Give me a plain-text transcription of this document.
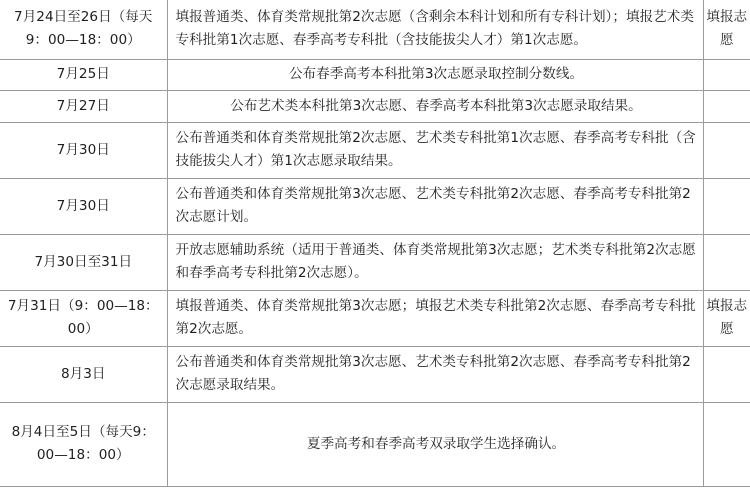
7月24日至26日（每天9：00—18：00）	填报普通类、体育类常规批第2次志愿（含剩余本科计划和所有专科计划）；填报艺术类专科批第1次志愿、春季高考专科批（含技能拔尖人才）第1次志愿。	填报志愿
7月25日	公布春季高考本科批第3次志愿录取控制分数线。	
7月27日	公布艺术类本科批第3次志愿、春季高考本科批第3次志愿录取结果。	
7月30日	公布普通类和体育类常规批第2次志愿、艺术类专科批第1次志愿、春季高考专科批（含技能拔尖人才）第1次志愿录取结果。	
7月30日	公布普通类和体育类常规批第3次志愿、艺术类专科批第2次志愿、春季高考专科批第2次志愿计划。	
7月30日至31日	开放志愿辅助系统（适用于普通类、体育类常规批第3次志愿；艺术类专科批第2次志愿和春季高考专科批第2次志愿）。	
7月31日（9：00—18：00）	填报普通类、体育类常规批第3次志愿；填报艺术类专科批第2次志愿、春季高考专科批第2次志愿。	填报志愿
8月3日	公布普通类和体育类常规批第3次志愿、艺术类专科批第2次志愿、春季高考专科批第2次志愿录取结果。	
8月4日至5日（每天9：00—18：00）	夏季高考和春季高考双录取学生选择确认。	
